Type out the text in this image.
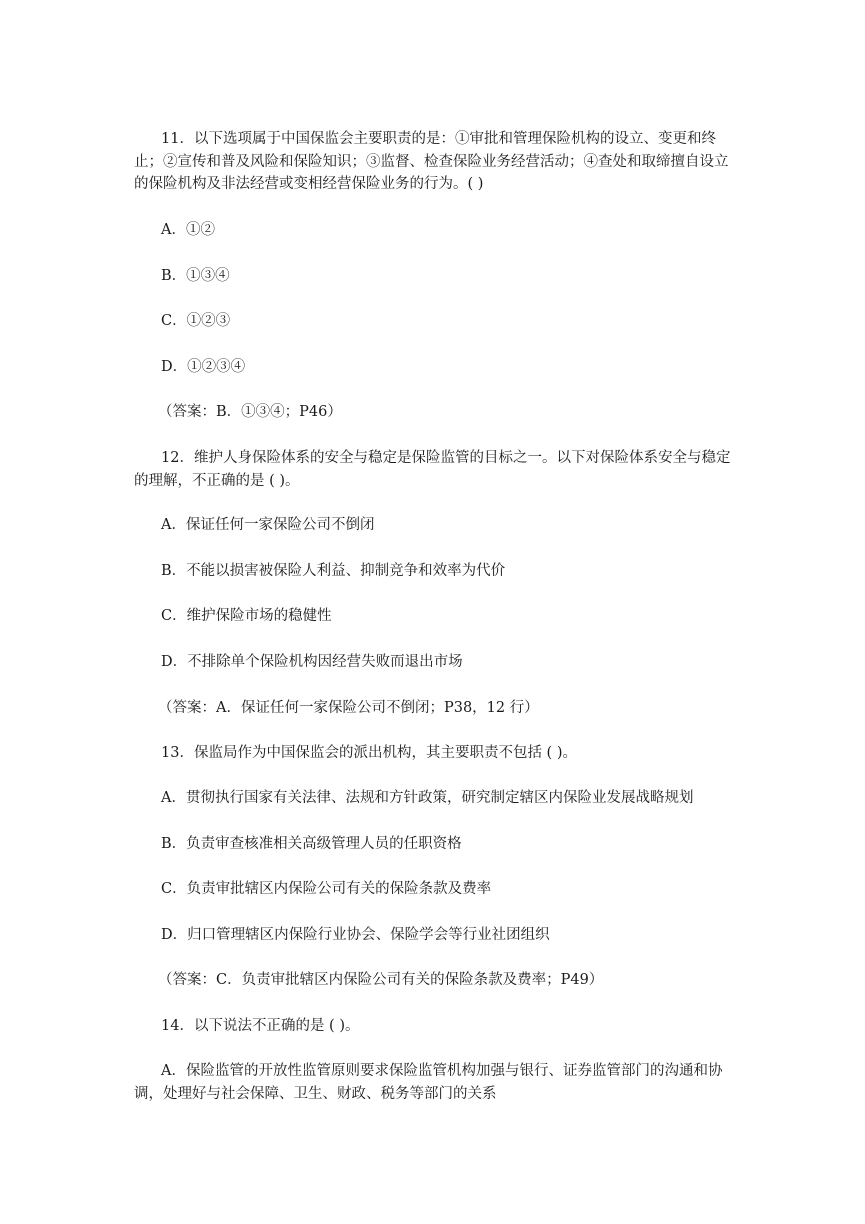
11．以下选项属于中国保监会主要职责的是：①审批和管理保险机构的设立、变更和终止；②宣传和普及风险和保险知识；③监督、检查保险业务经营活动；④查处和取缔擅自设立的保险机构及非法经营或变相经营保险业务的行为。( )
A．①②
B．①③④
C．①②③
D．①②③④
（答案：B．①③④；P46）
12．维护人身保险体系的安全与稳定是保险监管的目标之一。以下对保险体系安全与稳定的理解，不正确的是 ( )。
A．保证任何一家保险公司不倒闭
B．不能以损害被保险人利益、抑制竞争和效率为代价
C．维护保险市场的稳健性
D．不排除单个保险机构因经营失败而退出市场
（答案：A．保证任何一家保险公司不倒闭；P38，12 行）
13．保监局作为中国保监会的派出机构，其主要职责不包括 ( )。
A．贯彻执行国家有关法律、法规和方针政策，研究制定辖区内保险业发展战略规划
B．负责审查核准相关高级管理人员的任职资格
C．负责审批辖区内保险公司有关的保险条款及费率
D．归口管理辖区内保险行业协会、保险学会等行业社团组织
（答案：C．负责审批辖区内保险公司有关的保险条款及费率；P49）
14．以下说法不正确的是 ( )。
A．保险监管的开放性监管原则要求保险监管机构加强与银行、证券监管部门的沟通和协调，处理好与社会保障、卫生、财政、税务等部门的关系
